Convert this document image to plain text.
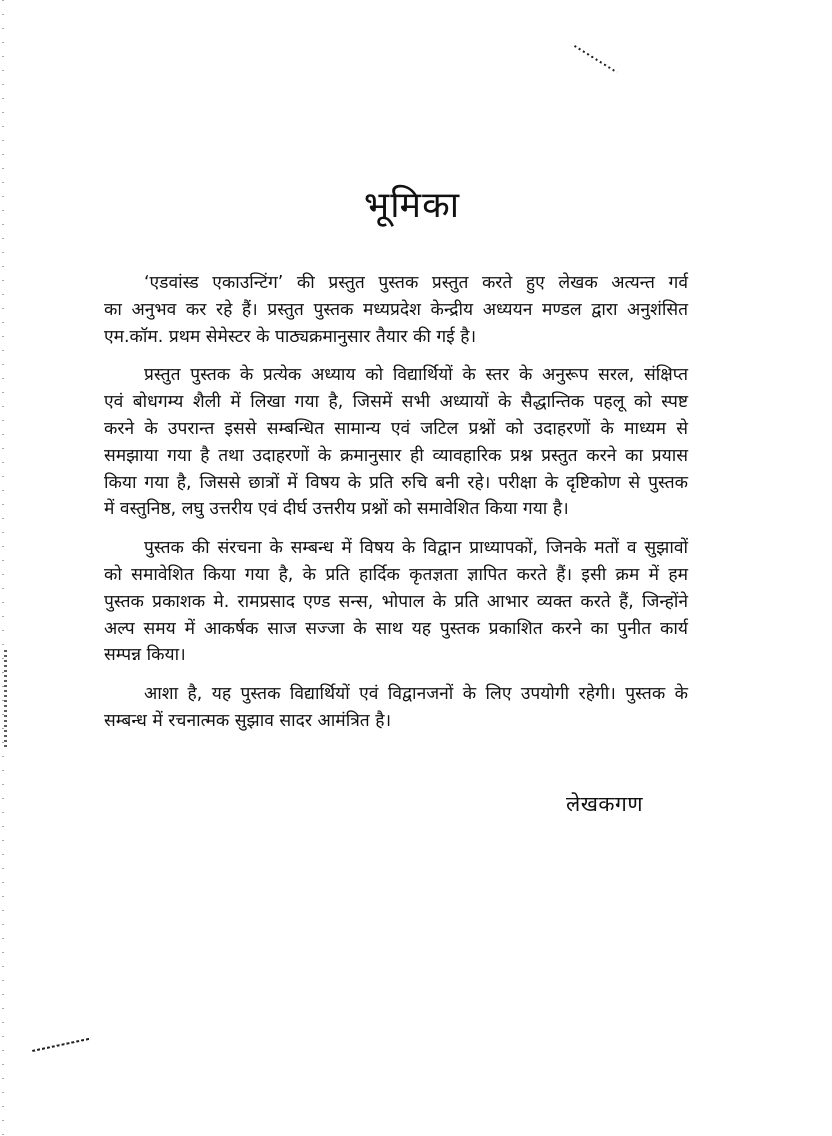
भूमिका

‘एडवांस्ड एकाउन्टिंग’ की प्रस्तुत पुस्तक प्रस्तुत करते हुए लेखक अत्यन्त गर्व
का अनुभव कर रहे हैं। प्रस्तुत पुस्तक मध्यप्रदेश केन्द्रीय अध्ययन मण्डल द्वारा अनुशंसित
एम.कॉम. प्रथम सेमेस्टर के पाठ्यक्रमानुसार तैयार की गई है।

प्रस्तुत पुस्तक के प्रत्येक अध्याय को विद्यार्थियों के स्तर के अनुरूप सरल, संक्षिप्त
एवं बोधगम्य शैली में लिखा गया है, जिसमें सभी अध्यायों के सैद्धान्तिक पहलू को स्पष्ट
करने के उपरान्त इससे सम्बन्धित सामान्य एवं जटिल प्रश्नों को उदाहरणों के माध्यम से
समझाया गया है तथा उदाहरणों के क्रमानुसार ही व्यावहारिक प्रश्न प्रस्तुत करने का प्रयास
किया गया है, जिससे छात्रों में विषय के प्रति रुचि बनी रहे। परीक्षा के दृष्टिकोण से पुस्तक
में वस्तुनिष्ठ, लघु उत्तरीय एवं दीर्घ उत्तरीय प्रश्नों को समावेशित किया गया है।

पुस्तक की संरचना के सम्बन्ध में विषय के विद्वान प्राध्यापकों, जिनके मतों व सुझावों
को समावेशित किया गया है, के प्रति हार्दिक कृतज्ञता ज्ञापित करते हैं। इसी क्रम में हम
पुस्तक प्रकाशक मे. रामप्रसाद एण्ड सन्स, भोपाल के प्रति आभार व्यक्त करते हैं, जिन्होंने
अल्प समय में आकर्षक साज सज्जा के साथ यह पुस्तक प्रकाशित करने का पुनीत कार्य
सम्पन्न किया।

आशा है, यह पुस्तक विद्यार्थियों एवं विद्वानजनों के लिए उपयोगी रहेगी। पुस्तक के
सम्बन्ध में रचनात्मक सुझाव सादर आमंत्रित है।

लेखकगण
